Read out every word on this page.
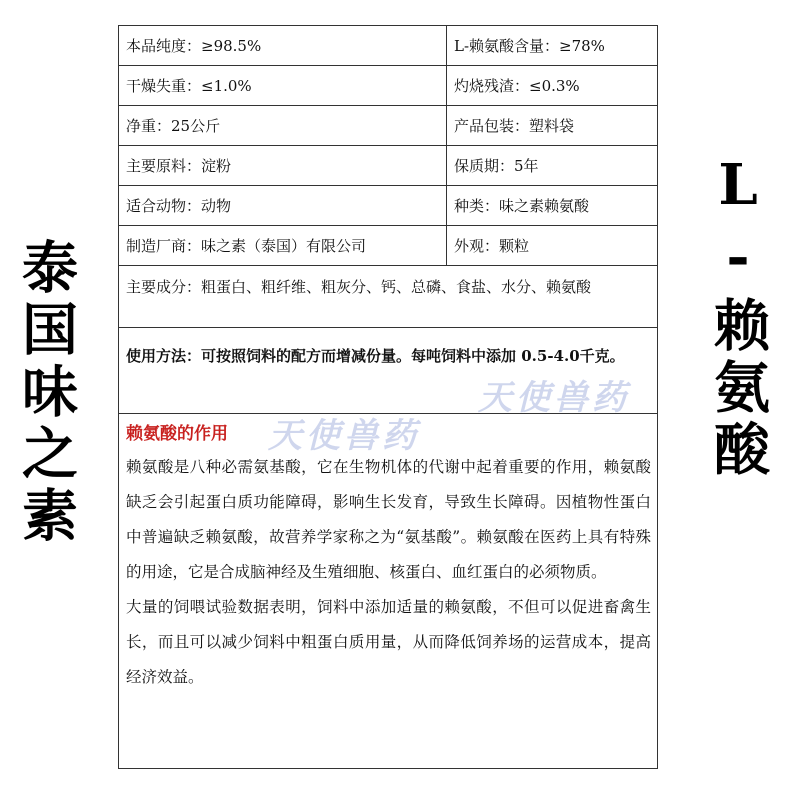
泰国味之素	L-赖氨酸
本品纯度：≥98.5%	L-赖氨酸含量：≥78%
干燥失重：≤1.0%	灼烧残渣：≤0.3%
净重：25公斤	产品包装：塑料袋
主要原料：淀粉	保质期：5年
适合动物：动物	种类：味之素赖氨酸
制造厂商：味之素（泰国）有限公司	外观：颗粒
主要成分：粗蛋白、粗纤维、粗灰分、钙、总磷、食盐、水分、赖氨酸
使用方法：可按照饲料的配方而增减份量。每吨饲料中添加 0.5-4.0千克。
赖氨酸的作用

赖氨酸是八种必需氨基酸，它在生物机体的代谢中起着重要的作用，赖氨酸缺乏会引起蛋白质功能障碍，影响生长发育，导致生长障碍。因植物性蛋白中普遍缺乏赖氨酸，故营养学家称之为“氨基酸”。赖氨酸在医药上具有特殊的用途，它是合成脑神经及生殖细胞、核蛋白、血红蛋白的必须物质。

大量的饲喂试验数据表明，饲料中添加适量的赖氨酸，不但可以促进畜禽生长，而且可以减少饲料中粗蛋白质用量，从而降低饲养场的运营成本，提高经济效益。

天使兽药
天使兽药
